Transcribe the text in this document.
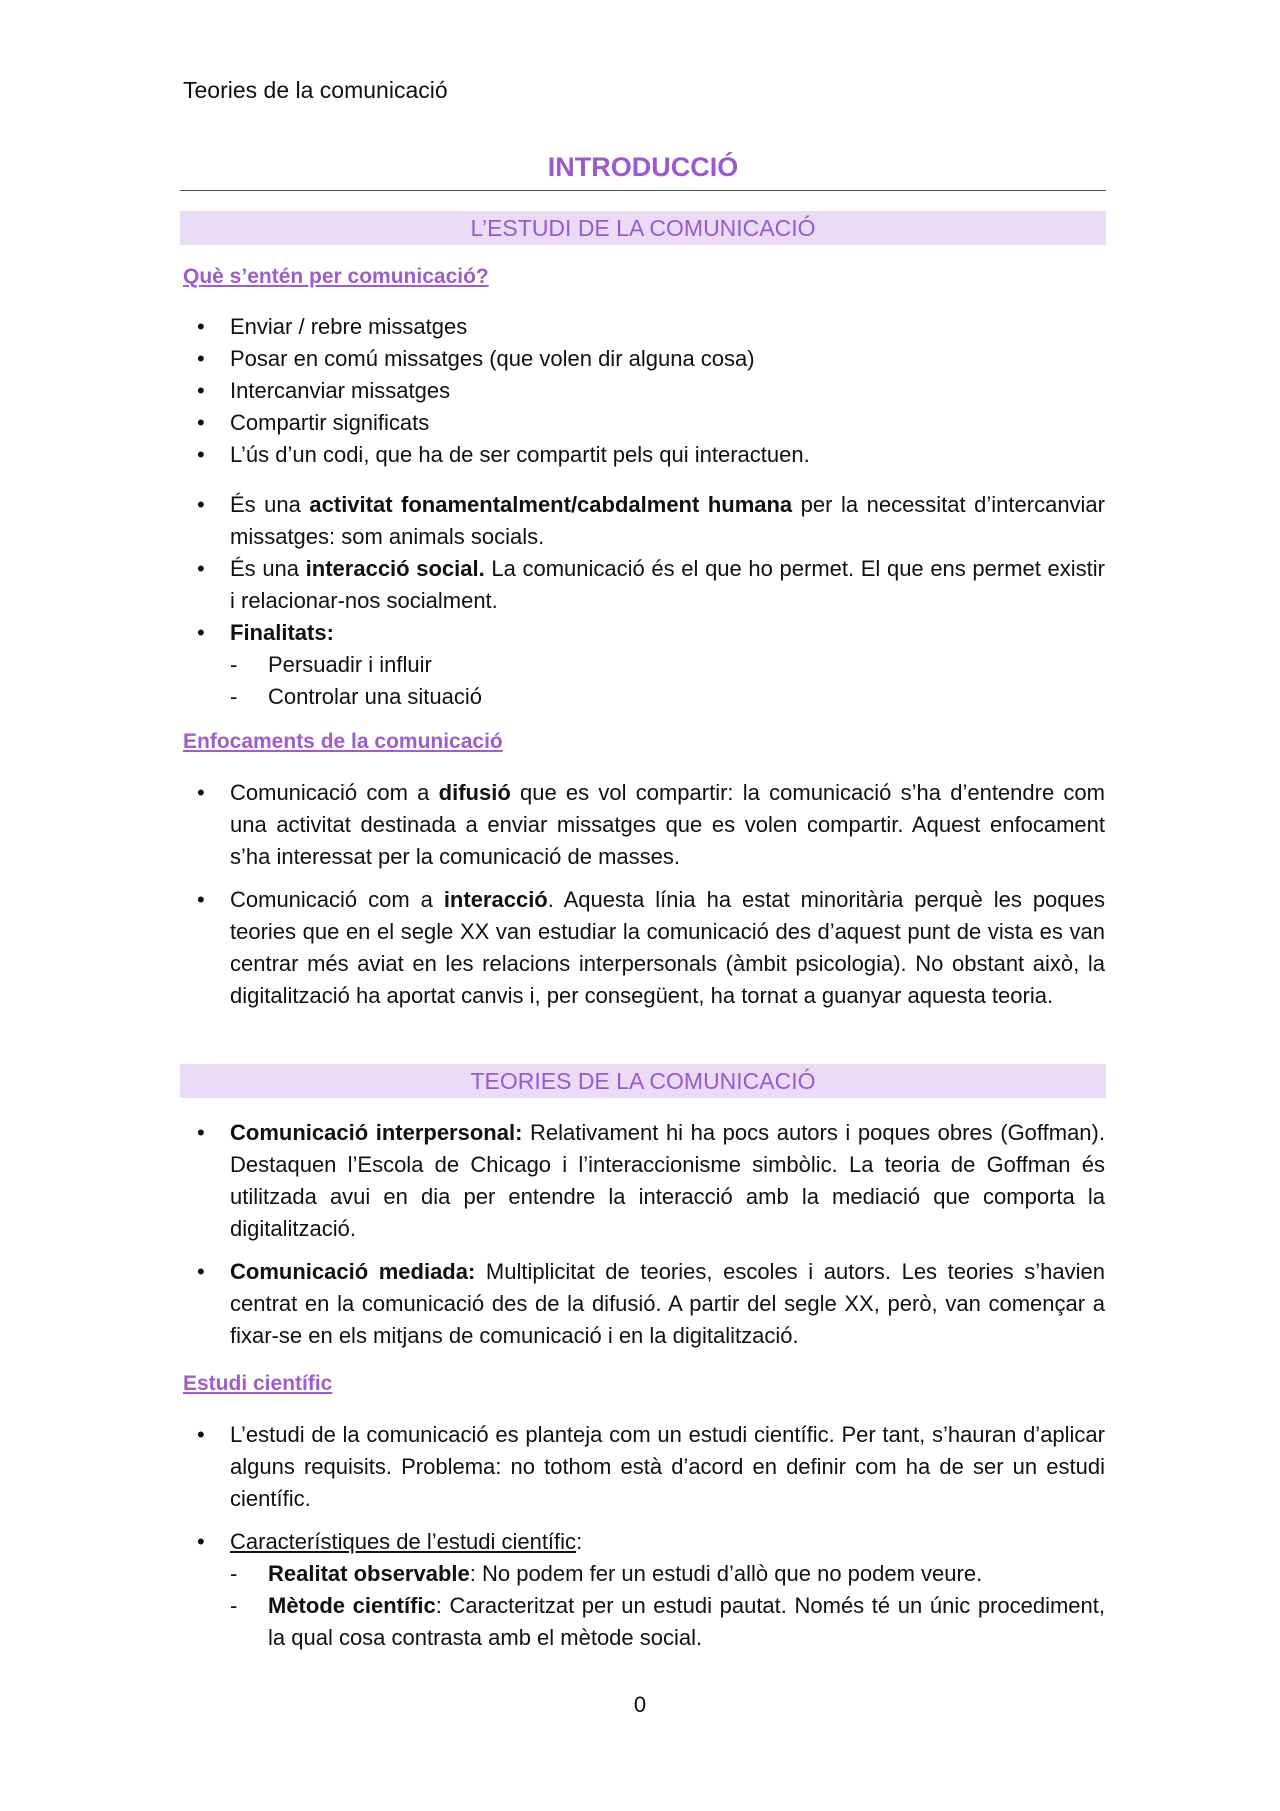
Teories de la comunicació
INTRODUCCIÓ
L’ESTUDI DE LA COMUNICACIÓ
Què s’entén per comunicació?
• Enviar / rebre missatges
• Posar en comú missatges (que volen dir alguna cosa)
• Intercanviar missatges
• Compartir significats
• L’ús d’un codi, que ha de ser compartit pels qui interactuen.
• És una activitat fonamentalment/cabdalment humana per la necessitat d’intercanviar missatges: som animals socials.
• És una interacció social. La comunicació és el que ho permet. El que ens permet existir i relacionar-nos socialment.
• Finalitats:
- Persuadir i influir
- Controlar una situació
Enfocaments de la comunicació
• Comunicació com a difusió que es vol compartir: la comunicació s’ha d’entendre com una activitat destinada a enviar missatges que es volen compartir. Aquest enfocament s’ha interessat per la comunicació de masses.
• Comunicació com a interacció. Aquesta línia ha estat minoritària perquè les poques teories que en el segle XX van estudiar la comunicació des d’aquest punt de vista es van centrar més aviat en les relacions interpersonals (àmbit psicologia). No obstant això, la digitalització ha aportat canvis i, per consegüent, ha tornat a guanyar aquesta teoria.
TEORIES DE LA COMUNICACIÓ
• Comunicació interpersonal: Relativament hi ha pocs autors i poques obres (Goffman). Destaquen l’Escola de Chicago i l’interaccionisme simbòlic. La teoria de Goffman és utilitzada avui en dia per entendre la interacció amb la mediació que comporta la digitalització.
• Comunicació mediada: Multiplicitat de teories, escoles i autors. Les teories s’havien centrat en la comunicació des de la difusió. A partir del segle XX, però, van començar a fixar-se en els mitjans de comunicació i en la digitalització.
Estudi científic
• L’estudi de la comunicació es planteja com un estudi científic. Per tant, s’hauran d’aplicar alguns requisits. Problema: no tothom està d’acord en definir com ha de ser un estudi científic.
• Característiques de l’estudi científic:
- Realitat observable: No podem fer un estudi d’allò que no podem veure.
- Mètode científic: Caracteritzat per un estudi pautat. Només té un únic procediment, la qual cosa contrasta amb el mètode social.
0
